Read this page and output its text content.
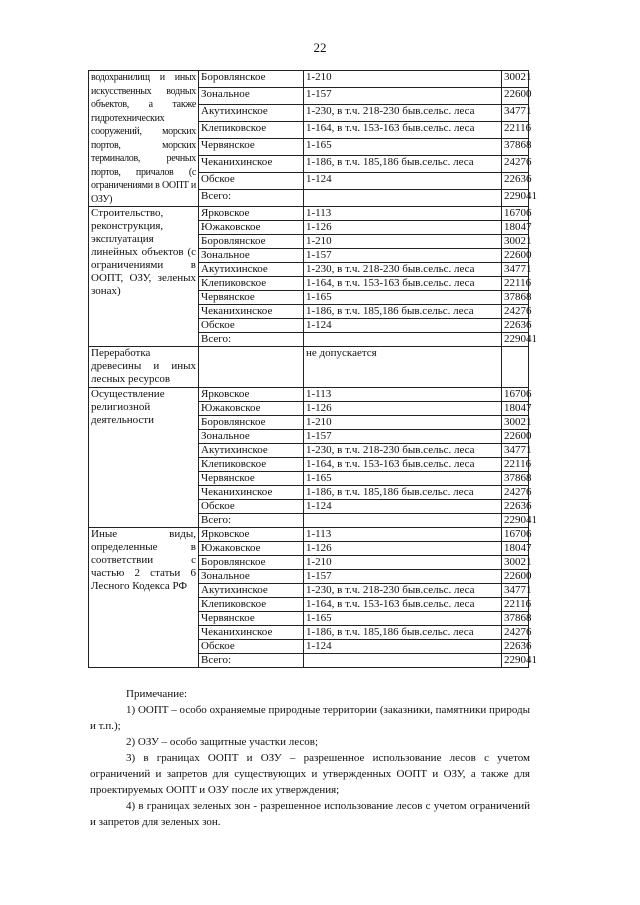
22
водохранилищ и иных искусственных водных объектов, а также гидротехнических сооружений, морских портов, морских терминалов, речных портов, причалов (с ограничениями в ООПТ и ОЗУ)	Боровлянское	1-210	30021
	Зональное	1-157	22600
	Акутихинское	1-230, в т.ч. 218-230 быв.сельс. леса	34771
	Клепиковское	1-164, в т.ч. 153-163 быв.сельс. леса	22116
	Червянское	1-165	37868
	Чеканихинское	1-186, в т.ч. 185,186 быв.сельс. леса	24276
	Обское	1-124	22636
	Всего:		229041
Строительство, реконструкция, эксплуатация линейных объектов (с ограничениями в ООПТ, ОЗУ, зеленых зонах)	Ярковское	1-113	16706
	Южаковское	1-126	18047
	Боровлянское	1-210	30021
	Зональное	1-157	22600
	Акутихинское	1-230, в т.ч. 218-230 быв.сельс. леса	34771
	Клепиковское	1-164, в т.ч. 153-163 быв.сельс. леса	22116
	Червянское	1-165	37868
	Чеканихинское	1-186, в т.ч. 185,186 быв.сельс. леса	24276
	Обское	1-124	22636
	Всего:		229041
Переработка древесины и иных лесных ресурсов		не допускается	
Осуществление религиозной деятельности	Ярковское	1-113	16706
	Южаковское	1-126	18047
	Боровлянское	1-210	30021
	Зональное	1-157	22600
	Акутихинское	1-230, в т.ч. 218-230 быв.сельс. леса	34771
	Клепиковское	1-164, в т.ч. 153-163 быв.сельс. леса	22116
	Червянское	1-165	37868
	Чеканихинское	1-186, в т.ч. 185,186 быв.сельс. леса	24276
	Обское	1-124	22636
	Всего:		229041
Иные виды, определенные в соответствии с частью 2 статьи 6 Лесного Кодекса РФ	Ярковское	1-113	16706
	Южаковское	1-126	18047
	Боровлянское	1-210	30021
	Зональное	1-157	22600
	Акутихинское	1-230, в т.ч. 218-230 быв.сельс. леса	34771
	Клепиковское	1-164, в т.ч. 153-163 быв.сельс. леса	22116
	Червянское	1-165	37868
	Чеканихинское	1-186, в т.ч. 185,186 быв.сельс. леса	24276
	Обское	1-124	22636
	Всего:		229041

Примечание:

1) ООПТ – особо охраняемые природные территории (заказники, памятники природы и т.п.);

2) ОЗУ – особо защитные участки лесов;

3) в границах ООПТ и ОЗУ – разрешенное использование лесов с учетом ограничений и запретов для существующих и утвержденных ООПТ и ОЗУ, а также для проектируемых ООПТ и ОЗУ после их утверждения;

4) в границах зеленых зон - разрешенное использование лесов с учетом ограничений и запретов для зеленых зон.
